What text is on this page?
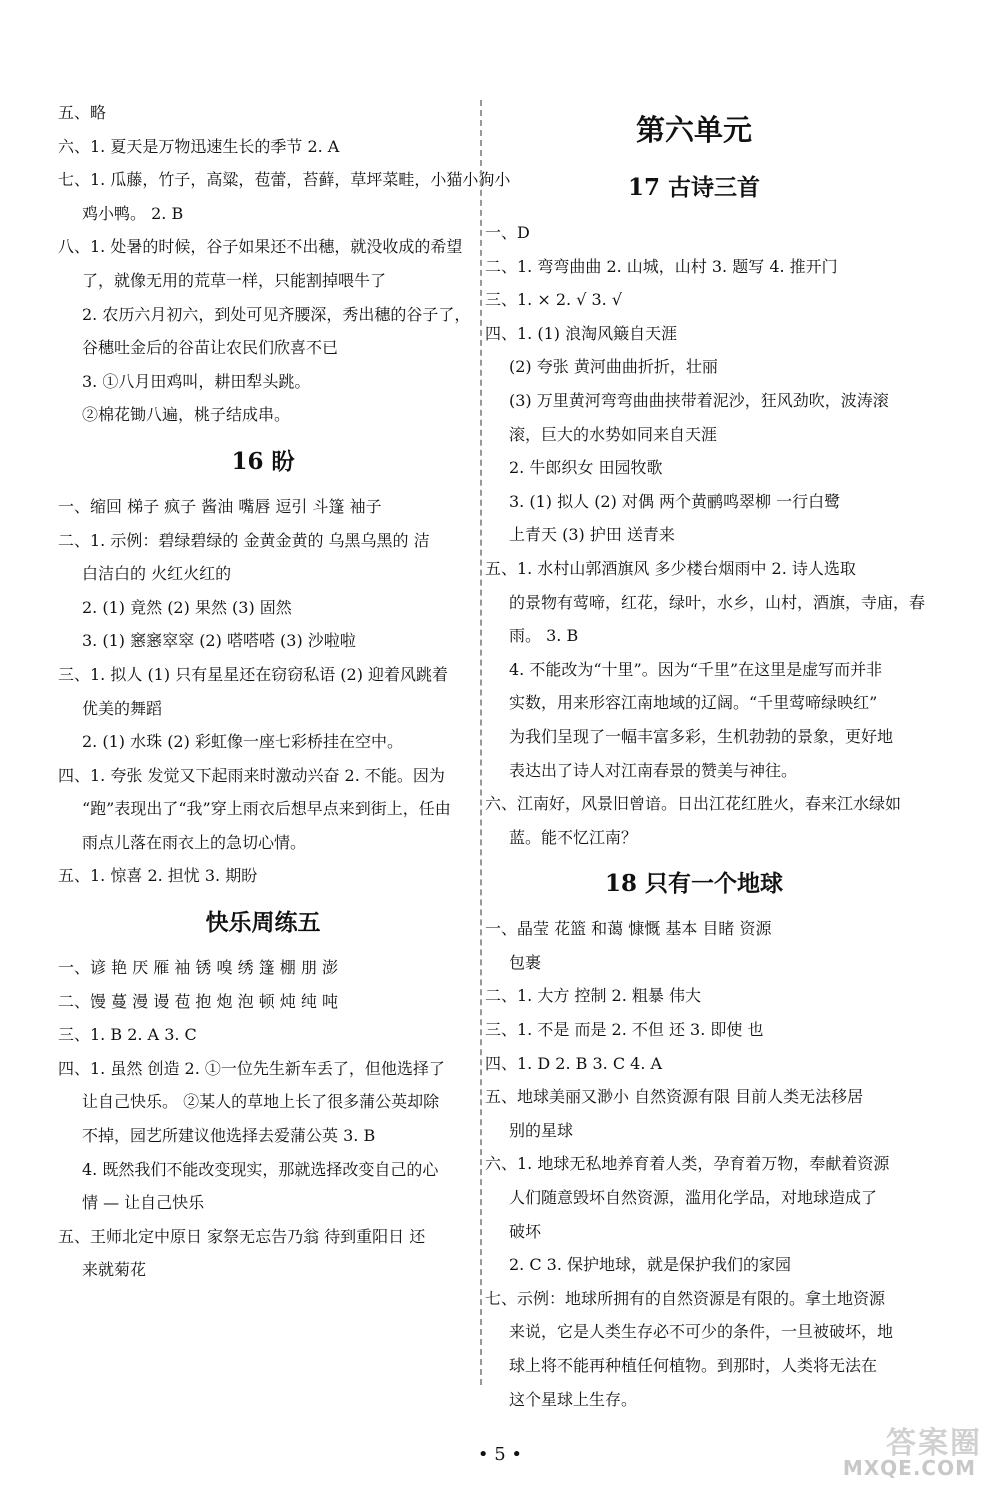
五、略
六、1. 夏天是万物迅速生长的季节 2. A
七、1. 瓜藤，竹子，高粱，苞蕾，苔藓，草坪菜畦，小猫小狗小
鸡小鸭。 2. B
八、1. 处暑的时候，谷子如果还不出穗，就没收成的希望
了，就像无用的荒草一样，只能割掉喂牛了
2. 农历六月初六，到处可见齐腰深，秀出穗的谷子了，
谷穗吐金后的谷苗让农民们欣喜不已
3. ①八月田鸡叫，耕田犁头跳。
②棉花锄八遍，桃子结成串。
16 盼
一、缩回 梯子 疯子 酱油 嘴唇 逗引 斗篷 袖子
二、1. 示例：碧绿碧绿的 金黄金黄的 乌黑乌黑的 洁
白洁白的 火红火红的
2. (1) 竟然 (2) 果然 (3) 固然
3. (1) 窸窸窣窣 (2) 嗒嗒嗒 (3) 沙啦啦
三、1. 拟人 (1) 只有星星还在窃窃私语 (2) 迎着风跳着
优美的舞蹈
2. (1) 水珠 (2) 彩虹像一座七彩桥挂在空中。
四、1. 夸张 发觉又下起雨来时激动兴奋 2. 不能。因为
“跑”表现出了“我”穿上雨衣后想早点来到街上，任由
雨点儿落在雨衣上的急切心情。
五、1. 惊喜 2. 担忧 3. 期盼
快乐周练五
一、谚 艳 厌 雁 袖 锈 嗅 绣 篷 棚 朋 澎
二、馒 蔓 漫 谩 苞 抱 炮 泡 顿 炖 纯 吨
三、1. B 2. A 3. C
四、1. 虽然 创造 2. ①一位先生新车丢了，但他选择了
让自己快乐。 ②某人的草地上长了很多蒲公英却除
不掉，园艺所建议他选择去爱蒲公英 3. B
4. 既然我们不能改变现实，那就选择改变自己的心
情 — 让自己快乐
五、王师北定中原日 家祭无忘告乃翁 待到重阳日 还
来就菊花
第六单元
17 古诗三首
一、D
二、1. 弯弯曲曲 2. 山城，山村 3. 题写 4. 推开门
三、1. × 2. √ 3. √
四、1. (1) 浪淘风簸自天涯
(2) 夸张 黄河曲曲折折，壮丽
(3) 万里黄河弯弯曲曲挟带着泥沙，狂风劲吹，波涛滚
滚，巨大的水势如同来自天涯
2. 牛郎织女 田园牧歌
3. (1) 拟人 (2) 对偶 两个黄鹂鸣翠柳 一行白鹭
上青天 (3) 护田 送青来
五、1. 水村山郭酒旗风 多少楼台烟雨中 2. 诗人选取
的景物有莺啼，红花，绿叶，水乡，山村，酒旗，寺庙，春
雨。 3. B
4. 不能改为“十里”。因为“千里”在这里是虚写而并非
实数，用来形容江南地域的辽阔。“千里莺啼绿映红”
为我们呈现了一幅丰富多彩，生机勃勃的景象，更好地
表达出了诗人对江南春景的赞美与神往。
六、江南好，风景旧曾谙。日出江花红胜火，春来江水绿如
蓝。能不忆江南？
18 只有一个地球
一、晶莹 花篮 和蔼 慷慨 基本 目睹 资源
包裹
二、1. 大方 控制 2. 粗暴 伟大
三、1. 不是 而是 2. 不但 还 3. 即使 也
四、1. D 2. B 3. C 4. A
五、地球美丽又渺小 自然资源有限 目前人类无法移居
别的星球
六、1. 地球无私地养育着人类，孕育着万物，奉献着资源
人们随意毁坏自然资源，滥用化学品，对地球造成了
破坏
2. C 3. 保护地球，就是保护我们的家园
七、示例：地球所拥有的自然资源是有限的。拿土地资源
来说，它是人类生存必不可少的条件，一旦被破坏，地
球上将不能再种植任何植物。到那时，人类将无法在
这个星球上生存。
• 5 •	答案圈
MXQE.COM
